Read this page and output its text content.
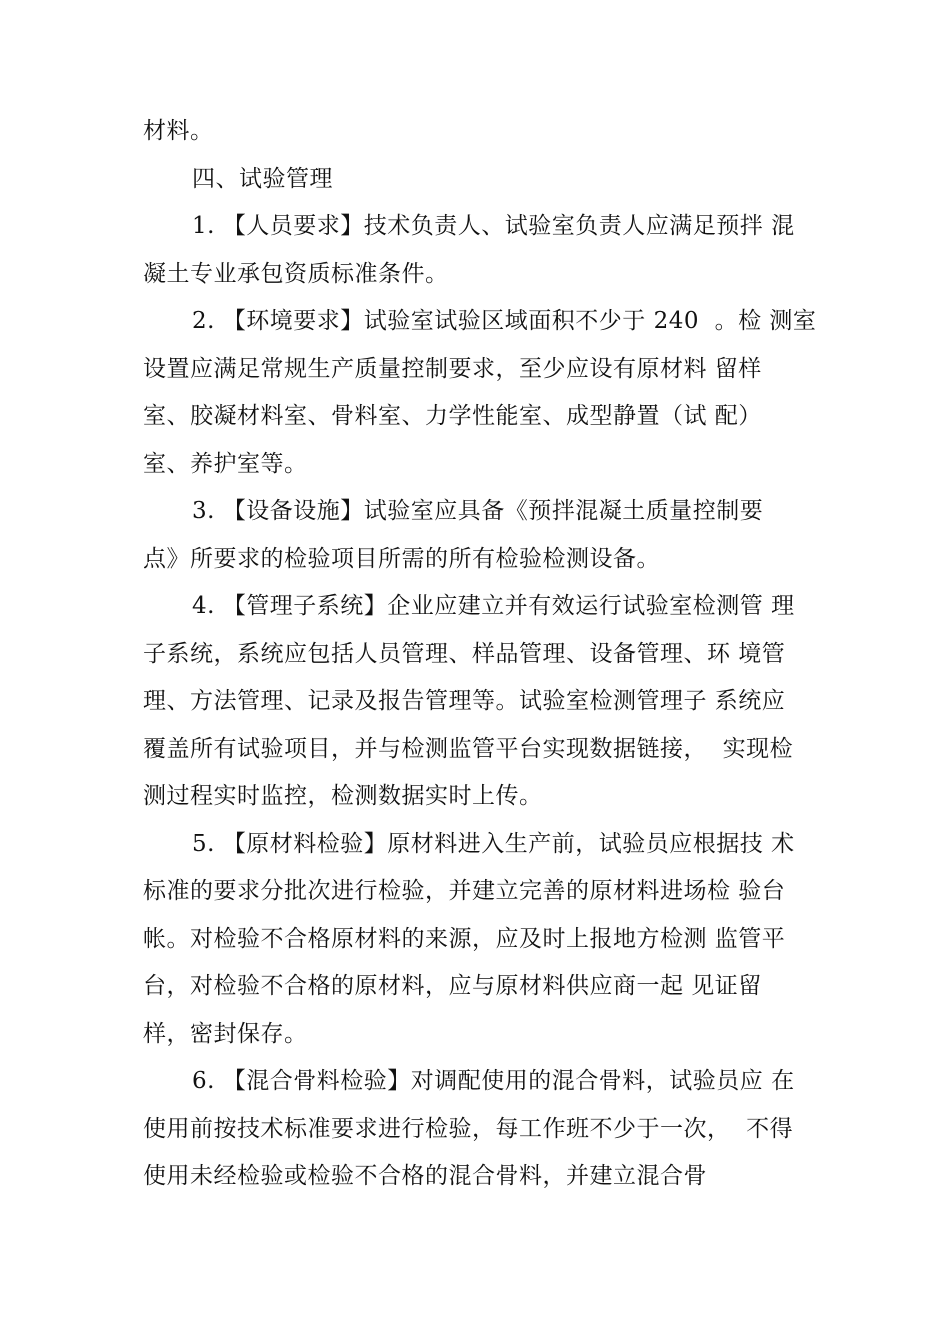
材料。
四、试验管理
1. 【人员要求】技术负责人、试验室负责人应满足预拌 混
凝土专业承包资质标准条件。
2. 【环境要求】试验室试验区域面积不少于 240  。检 测室
设置应满足常规生产质量控制要求，至少应设有原材料 留样
室、胶凝材料室、骨料室、力学性能室、成型静置（试 配）
室、养护室等。
3. 【设备设施】试验室应具备《预拌混凝土质量控制要
点》所要求的检验项目所需的所有检验检测设备。
4. 【管理子系统】企业应建立并有效运行试验室检测管 理
子系统，系统应包括人员管理、样品管理、设备管理、环 境管
理、方法管理、记录及报告管理等。试验室检测管理子 系统应
覆盖所有试验项目，并与检测监管平台实现数据链接，  实现检
测过程实时监控，检测数据实时上传。
5. 【原材料检验】原材料进入生产前，试验员应根据技 术
标准的要求分批次进行检验，并建立完善的原材料进场检 验台
帐。对检验不合格原材料的来源，应及时上报地方检测 监管平
台，对检验不合格的原材料，应与原材料供应商一起 见证留
样，密封保存。
6. 【混合骨料检验】对调配使用的混合骨料，试验员应 在
使用前按技术标准要求进行检验，每工作班不少于一次，  不得
使用未经检验或检验不合格的混合骨料，并建立混合骨
